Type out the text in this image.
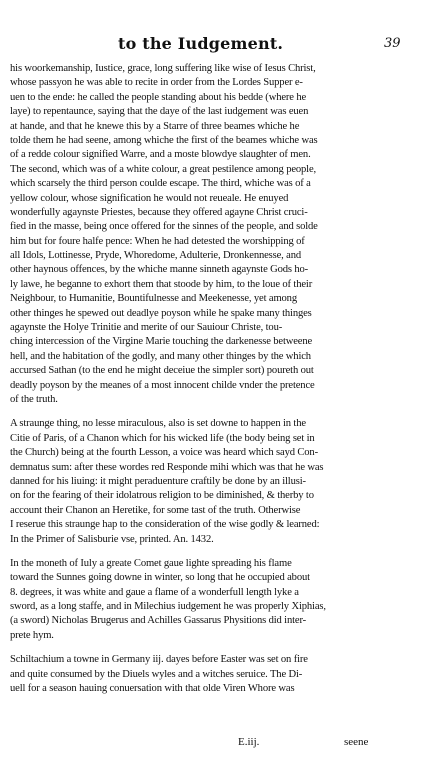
to the Iudgement.	39
his woorkemanship, Iustice, grace, long suffering like wise of Iesus Christ,
whose passyon he was able to recite in order from the Lordes Supper e-
uen to the ende: he called the people standing about his bedde (where he
laye) to repentaunce, saying that the daye of the last iudgement was euen
at hande, and that he knewe this by a Starre of three beames whiche he
tolde them he had seene, among whiche the first of the beames whiche was
of a redde colour signified Warre, and a moste blowdye slaughter of men.
The second, which was of a white colour, a great pestilence among people,
which scarsely the third person coulde escape. The third, whiche was of a
yellow colour, whose signification he would not reueale. He enuyed
wonderfully agaynste Priestes, because they offered agayne Christ cruci-
fied in the masse, being once offered for the sinnes of the people, and solde
him but for foure halfe pence: When he had detested the worshipping of
all Idols, Lottinesse, Pryde, Whoredome, Adulterie, Dronkennesse, and
other haynous offences, by the whiche manne sinneth agaynste Gods ho-
ly lawe, he beganne to exhort them that stoode by him, to the loue of their
Neighbour, to Humanitie, Bountifulnesse and Meekenesse, yet among
other thinges he spewed out deadlye poyson while he spake many thinges
agaynste the Holye Trinitie and merite of our Sauiour Christe, tou-
ching intercession of the Virgine Marie touching the darkenesse betweene
hell, and the habitation of the godly, and many other thinges by the which
accursed Sathan (to the end he might deceiue the simpler sort) poureth out
deadly poyson by the meanes of a most innocent childe vnder the pretence
of the truth.
A straunge thing, no lesse miraculous, also is set downe to happen in the
Citie of Paris, of a Chanon which for his wicked life (the body being set in
the Church) being at the fourth Lesson, a voice was heard which sayd Con-
demnatus sum: after these wordes red Responde mihi which was that he was
danned for his liuing: it might peraduenture craftily be done by an illusi-
on for the fearing of their idolatrous religion to be diminished, & therby to
account their Chanon an Heretike, for some tast of the truth. Otherwise
I reserue this straunge hap to the consideration of the wise godly & learned:
In the Primer of Salisburie vse, printed. An. 1432.
In the moneth of Iuly a greate Comet gaue lighte spreading his flame
toward the Sunnes going downe in winter, so long that he occupied about
8. degrees, it was white and gaue a flame of a wonderfull length lyke a
sword, as a long staffe, and in Milechius iudgement he was properly Xiphias,
(a sword) Nicholas Brugerus and Achilles Gassarus Physitions did inter-
prete hym.
Schiltachium a towne in Germany iij. dayes before Easter was set on fire
and quite consumed by the Diuels wyles and a witches seruice. The Di-
uell for a season hauing conuersation with that olde Viren Whore was
E.iij.	seene
